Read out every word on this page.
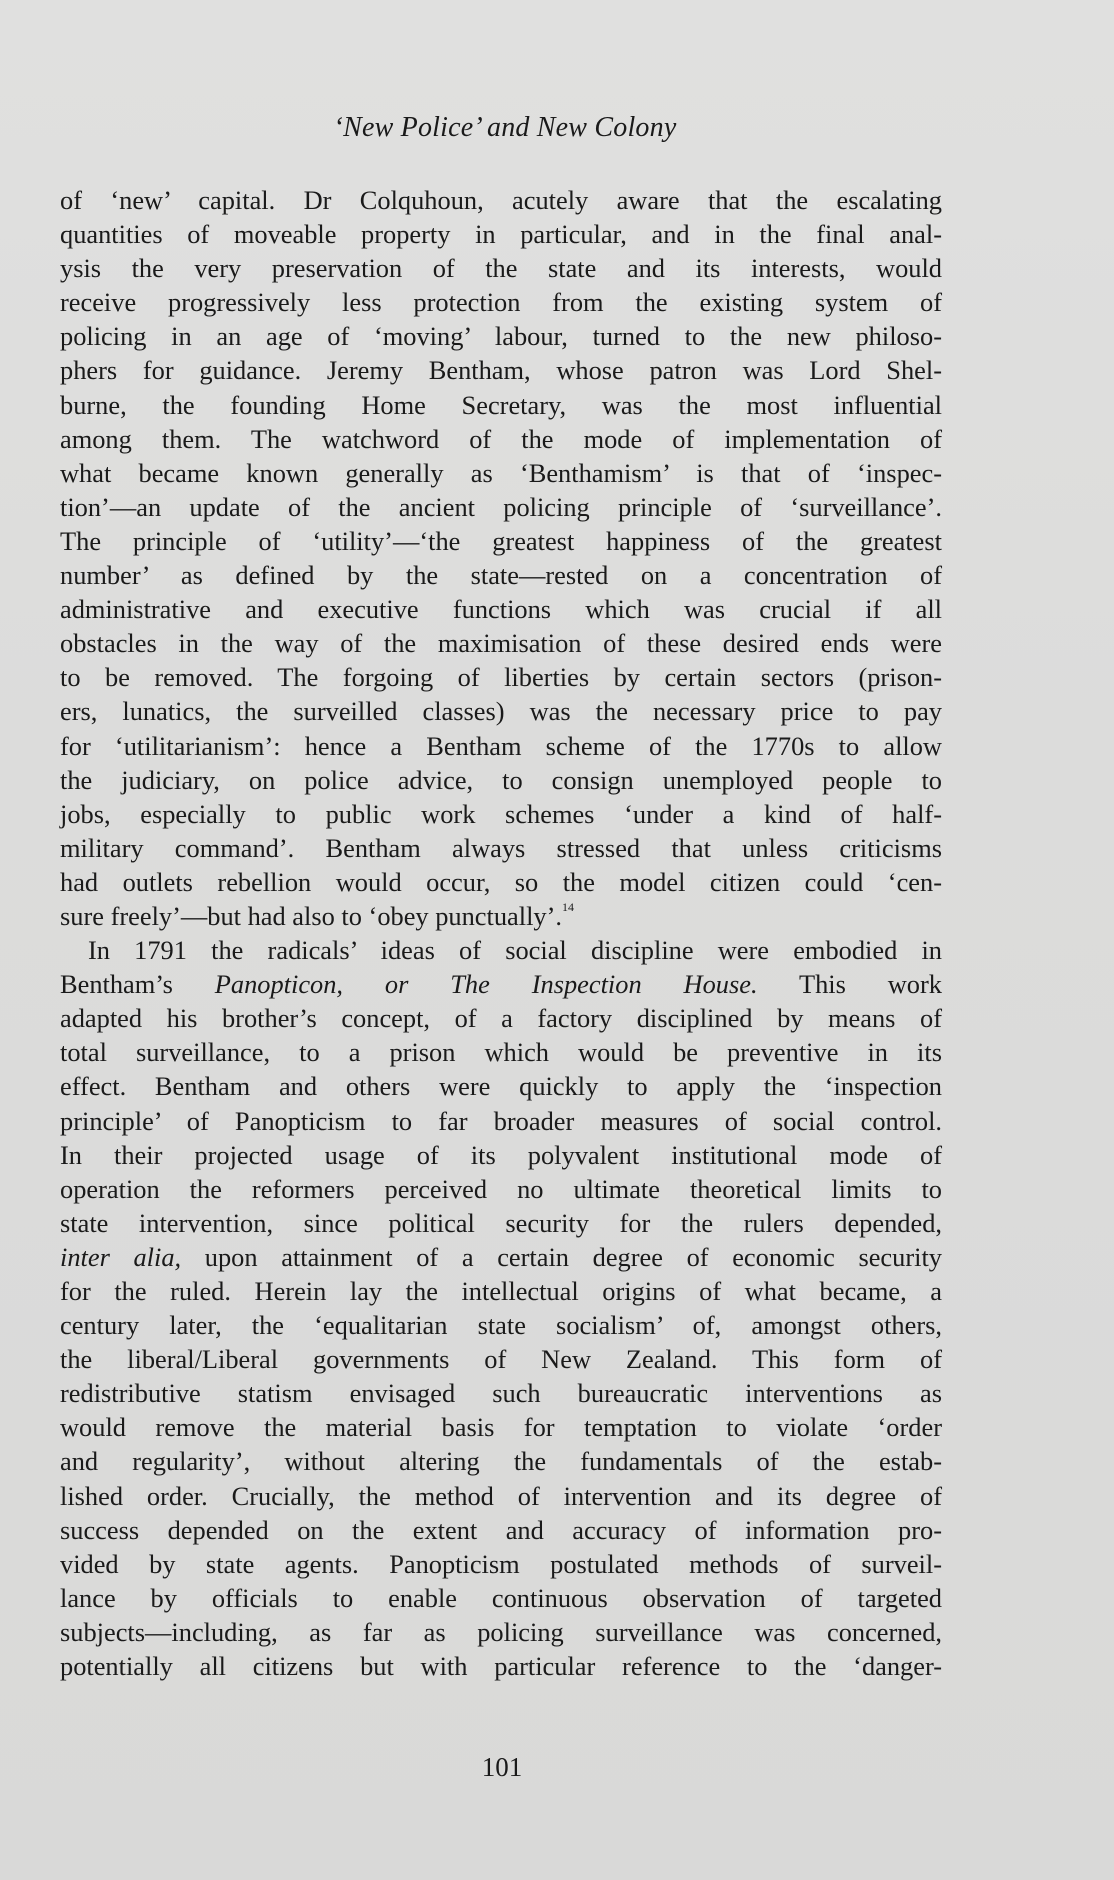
‘New Police’ and New Colony
of ‘new’ capital. Dr Colquhoun, acutely aware that the escalating
quantities of moveable property in particular, and in the final anal-
ysis the very preservation of the state and its interests, would
receive progressively less protection from the existing system of
policing in an age of ‘moving’ labour, turned to the new philoso-
phers for guidance. Jeremy Bentham, whose patron was Lord Shel-
burne, the founding Home Secretary, was the most influential
among them. The watchword of the mode of implementation of
what became known generally as ‘Benthamism’ is that of ‘inspec-
tion’—an update of the ancient policing principle of ‘surveillance’.
The principle of ‘utility’—‘the greatest happiness of the greatest
number’ as defined by the state—rested on a concentration of
administrative and executive functions which was crucial if all
obstacles in the way of the maximisation of these desired ends were
to be removed. The forgoing of liberties by certain sectors (prison-
ers, lunatics, the surveilled classes) was the necessary price to pay
for ‘utilitarianism’: hence a Bentham scheme of the 1770s to allow
the judiciary, on police advice, to consign unemployed people to
jobs, especially to public work schemes ‘under a kind of half-
military command’. Bentham always stressed that unless criticisms
had outlets rebellion would occur, so the model citizen could ‘cen-
sure freely’—but had also to ‘obey punctually’.$^{14}$
In 1791 the radicals’ ideas of social discipline were embodied in
Bentham’s Panopticon, or The Inspection House. This work
adapted his brother’s concept, of a factory disciplined by means of
total surveillance, to a prison which would be preventive in its
effect. Bentham and others were quickly to apply the ‘inspection
principle’ of Panopticism to far broader measures of social control.
In their projected usage of its polyvalent institutional mode of
operation the reformers perceived no ultimate theoretical limits to
state intervention, since political security for the rulers depended,
inter alia, upon attainment of a certain degree of economic security
for the ruled. Herein lay the intellectual origins of what became, a
century later, the ‘equalitarian state socialism’ of, amongst others,
the liberal/Liberal governments of New Zealand. This form of
redistributive statism envisaged such bureaucratic interventions as
would remove the material basis for temptation to violate ‘order
and regularity’, without altering the fundamentals of the estab-
lished order. Crucially, the method of intervention and its degree of
success depended on the extent and accuracy of information pro-
vided by state agents. Panopticism postulated methods of surveil-
lance by officials to enable continuous observation of targeted
subjects—including, as far as policing surveillance was concerned,
potentially all citizens but with particular reference to the ‘danger-
101
